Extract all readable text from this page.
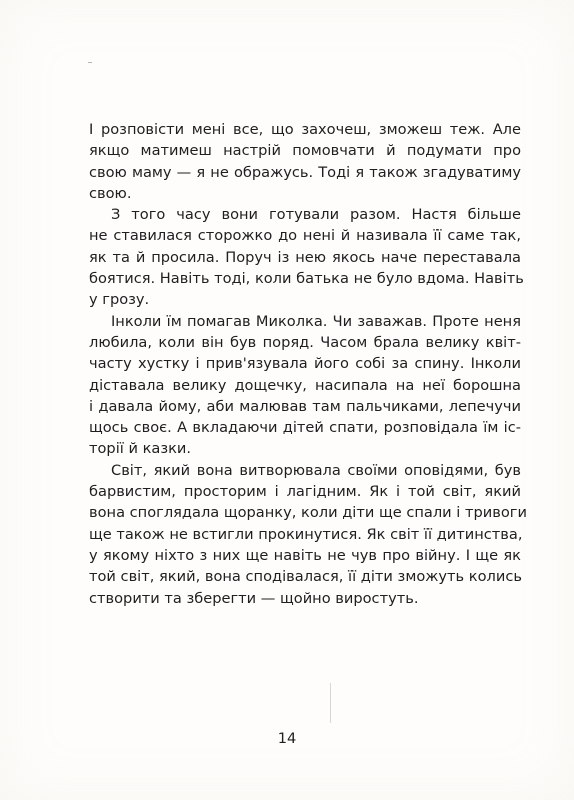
І розповісти мені все, що захочеш, зможеш теж. Але
якщо матимеш настрій помовчати й подумати про
свою маму — я не ображусь. Тоді я також згадуватиму
свою.
З того часу вони готували разом. Настя більше
не ставилася сторожко до нені й називала її саме так,
як та й просила. Поруч із нею якось наче переставала
боятися. Навіть тоді, коли батька не було вдома. Навіть
у грозу.
Інколи їм помагав Миколка. Чи заважав. Проте неня
любила, коли він був поряд. Часом брала велику квіт-
частy хустку і прив'язувала його собі за спину. Інколи
діставала велику дощечку, насипала на неї борошна
і давала йому, аби малював там пальчиками, лепечучи
щось своє. А вкладаючи дітей спати, розповідала їм іс-
торії й казки.
Світ, який вона витворювала своїми оповідями, був
барвистим, просторим і лагідним. Як і той світ, який
вона споглядала щоранку, коли діти ще спали і тривоги
ще також не встигли прокинутися. Як світ її дитинства,
у якому ніхто з них ще навіть не чув про війну. І ще як
той світ, який, вона сподівалася, її діти зможуть колись
створити та зберегти — щойно виростуть.
14
